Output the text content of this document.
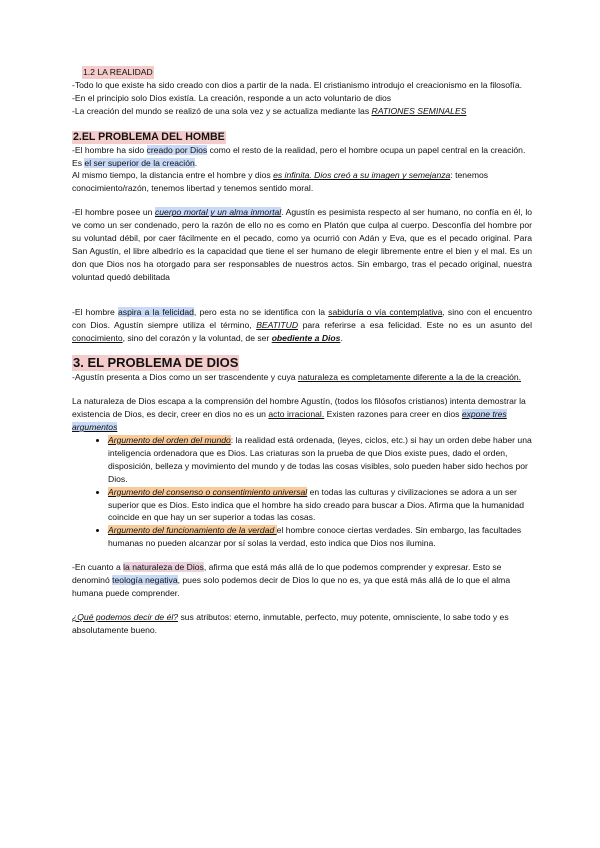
1.2 LA REALIDAD

-Todo lo que existe ha sido creado con dios a partir de la nada. El cristianismo introdujo el creacionismo en la filosofía.

-En el principio solo Dios existía. La creación, responde a un acto voluntario de dios

-La creación del mundo se realizó de una sola vez y se actualiza mediante las RATIONES SEMINALES

2.EL PROBLEMA DEL HOMBE

-El hombre ha sido creado por Dios como el resto de la realidad, pero el hombre ocupa un papel central en la creación. Es el ser superior de la creación.

Al mismo tiempo, la distancia entre el hombre y dios es infinita. Dios creó a su imagen y semejanza: tenemos conocimiento/razón, tenemos libertad y tenemos sentido moral.

-El hombre posee un cuerpo mortal y un alma inmortal. Agustín es pesimista respecto al ser humano, no confía en él, lo ve como un ser condenado, pero la razón de ello no es como en Platón que culpa al cuerpo. Desconfía del hombre por su voluntad débil, por caer fácilmente en el pecado, como ya ocurrió con Adán y Eva, que es el pecado original. Para San Agustín, el libre albedrío es la capacidad que tiene el ser humano de elegir libremente entre el bien y el mal. Es un don que Dios nos ha otorgado para ser responsables de nuestros actos. Sin embargo, tras el pecado original, nuestra voluntad quedó debilitada

-El hombre aspira a la felicidad, pero esta no se identifica con la sabiduría o vía contemplativa, sino con el encuentro con Dios. Agustín siempre utiliza el término, BEATITUD para referirse a esa felicidad. Este no es un asunto del conocimiento, sino del corazón y la voluntad, de ser obediente a Dios.

3. EL PROBLEMA DE DIOS

-Agustín presenta a Dios como un ser trascendente y cuya naturaleza es completamente diferente a la de la creación.

La naturaleza de Dios escapa a la comprensión del hombre Agustín, (todos los filósofos cristianos) intenta demostrar la existencia de Dios, es decir, creer en dios no es un acto irracional. Existen razones para creer en dios expone tres argumentos

• Argumento del orden del mundo: la realidad está ordenada, (leyes, ciclos, etc.) si hay un orden debe haber una inteligencia ordenadora que es Dios. Las criaturas son la prueba de que Dios existe pues, dado el orden, disposición, belleza y movimiento del mundo y de todas las cosas visibles, solo pueden haber sido hechos por Dios.
• Argumento del consenso o consentimiento universal en todas las culturas y civilizaciones se adora a un ser superior que es Dios. Esto indica que el hombre ha sido creado para buscar a Dios. Afirma que la humanidad coincide en que hay un ser superior a todas las cosas.
• Argumento del funcionamiento de la verdad el hombre conoce ciertas verdades. Sin embargo, las facultades humanas no pueden alcanzar por sí solas la verdad, esto indica que Dios nos ilumina.

-En cuanto a la naturaleza de Dios, afirma que está más allá de lo que podemos comprender y expresar. Esto se denominó teología negativa, pues solo podemos decir de Dios lo que no es, ya que está más allá de lo que el alma humana puede comprender.

¿Qué podemos decir de él? sus atributos: eterno, inmutable, perfecto, muy potente, omnisciente, lo sabe todo y es absolutamente bueno.
